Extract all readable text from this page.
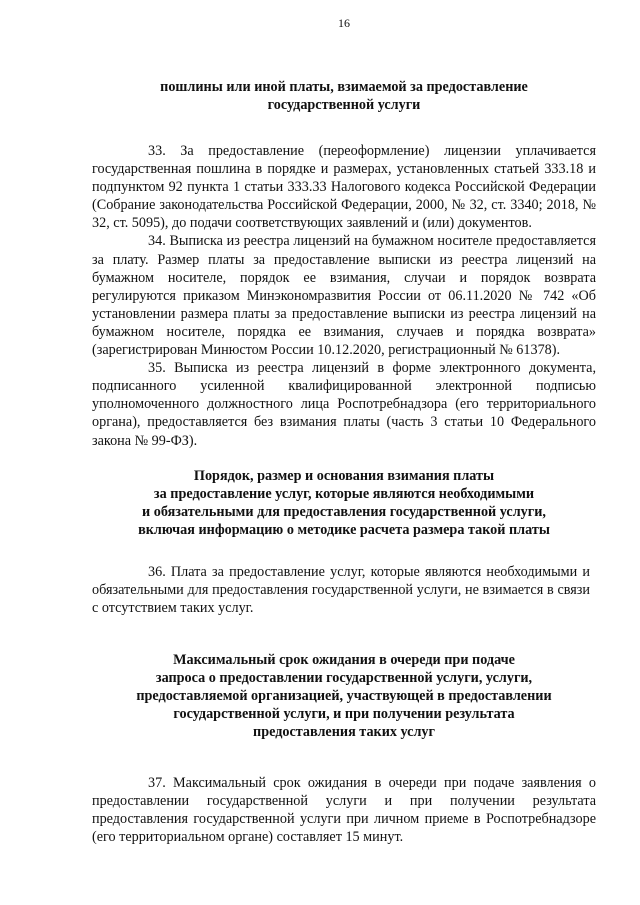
16
пошлины или иной платы, взимаемой за предоставление
государственной услуги

33. За предоставление (переоформление) лицензии уплачивается государственная пошлина в порядке и размерах, установленных статьей 333.18 и подпунктом 92 пункта 1 статьи 333.33 Налогового кодекса Российской Федерации (Собрание законодательства Российской Федерации, 2000, № 32, ст. 3340; 2018, № 32, ст. 5095), до подачи соответствующих заявлений и (или) документов.

34. Выписка из реестра лицензий на бумажном носителе предоставляется за плату. Размер платы за предоставление выписки из реестра лицензий на бумажном носителе, порядок ее взимания, случаи и порядок возврата регулируются приказом Минэкономразвития России от 06.11.2020 № 742 «Об установлении размера платы за предоставление выписки из реестра лицензий на бумажном носителе, порядка ее взимания, случаев и порядка возврата» (зарегистрирован Минюстом России 10.12.2020, регистрационный № 61378).

35. Выписка из реестра лицензий в форме электронного документа, подписанного усиленной квалифицированной электронной подписью уполномоченного должностного лица Роспотребнадзора (его территориального органа), предоставляется без взимания платы (часть 3 статьи 10 Федерального закона № 99-ФЗ).

Порядок, размер и основания взимания платы
за предоставление услуг, которые являются необходимыми
и обязательными для предоставления государственной услуги,
включая информацию о методике расчета размера такой платы

36. Плата за предоставление услуг, которые являются необходимыми и обязательными для предоставления государственной услуги, не взимается в связи с отсутствием таких услуг.

Максимальный срок ожидания в очереди при подаче
запроса о предоставлении государственной услуги, услуги,
предоставляемой организацией, участвующей в предоставлении
государственной услуги, и при получении результата
предоставления таких услуг

37. Максимальный срок ожидания в очереди при подаче заявления о предоставлении государственной услуги и при получении результата предоставления государственной услуги при личном приеме в Роспотребнадзоре (его территориальном органе) составляет 15 минут.
